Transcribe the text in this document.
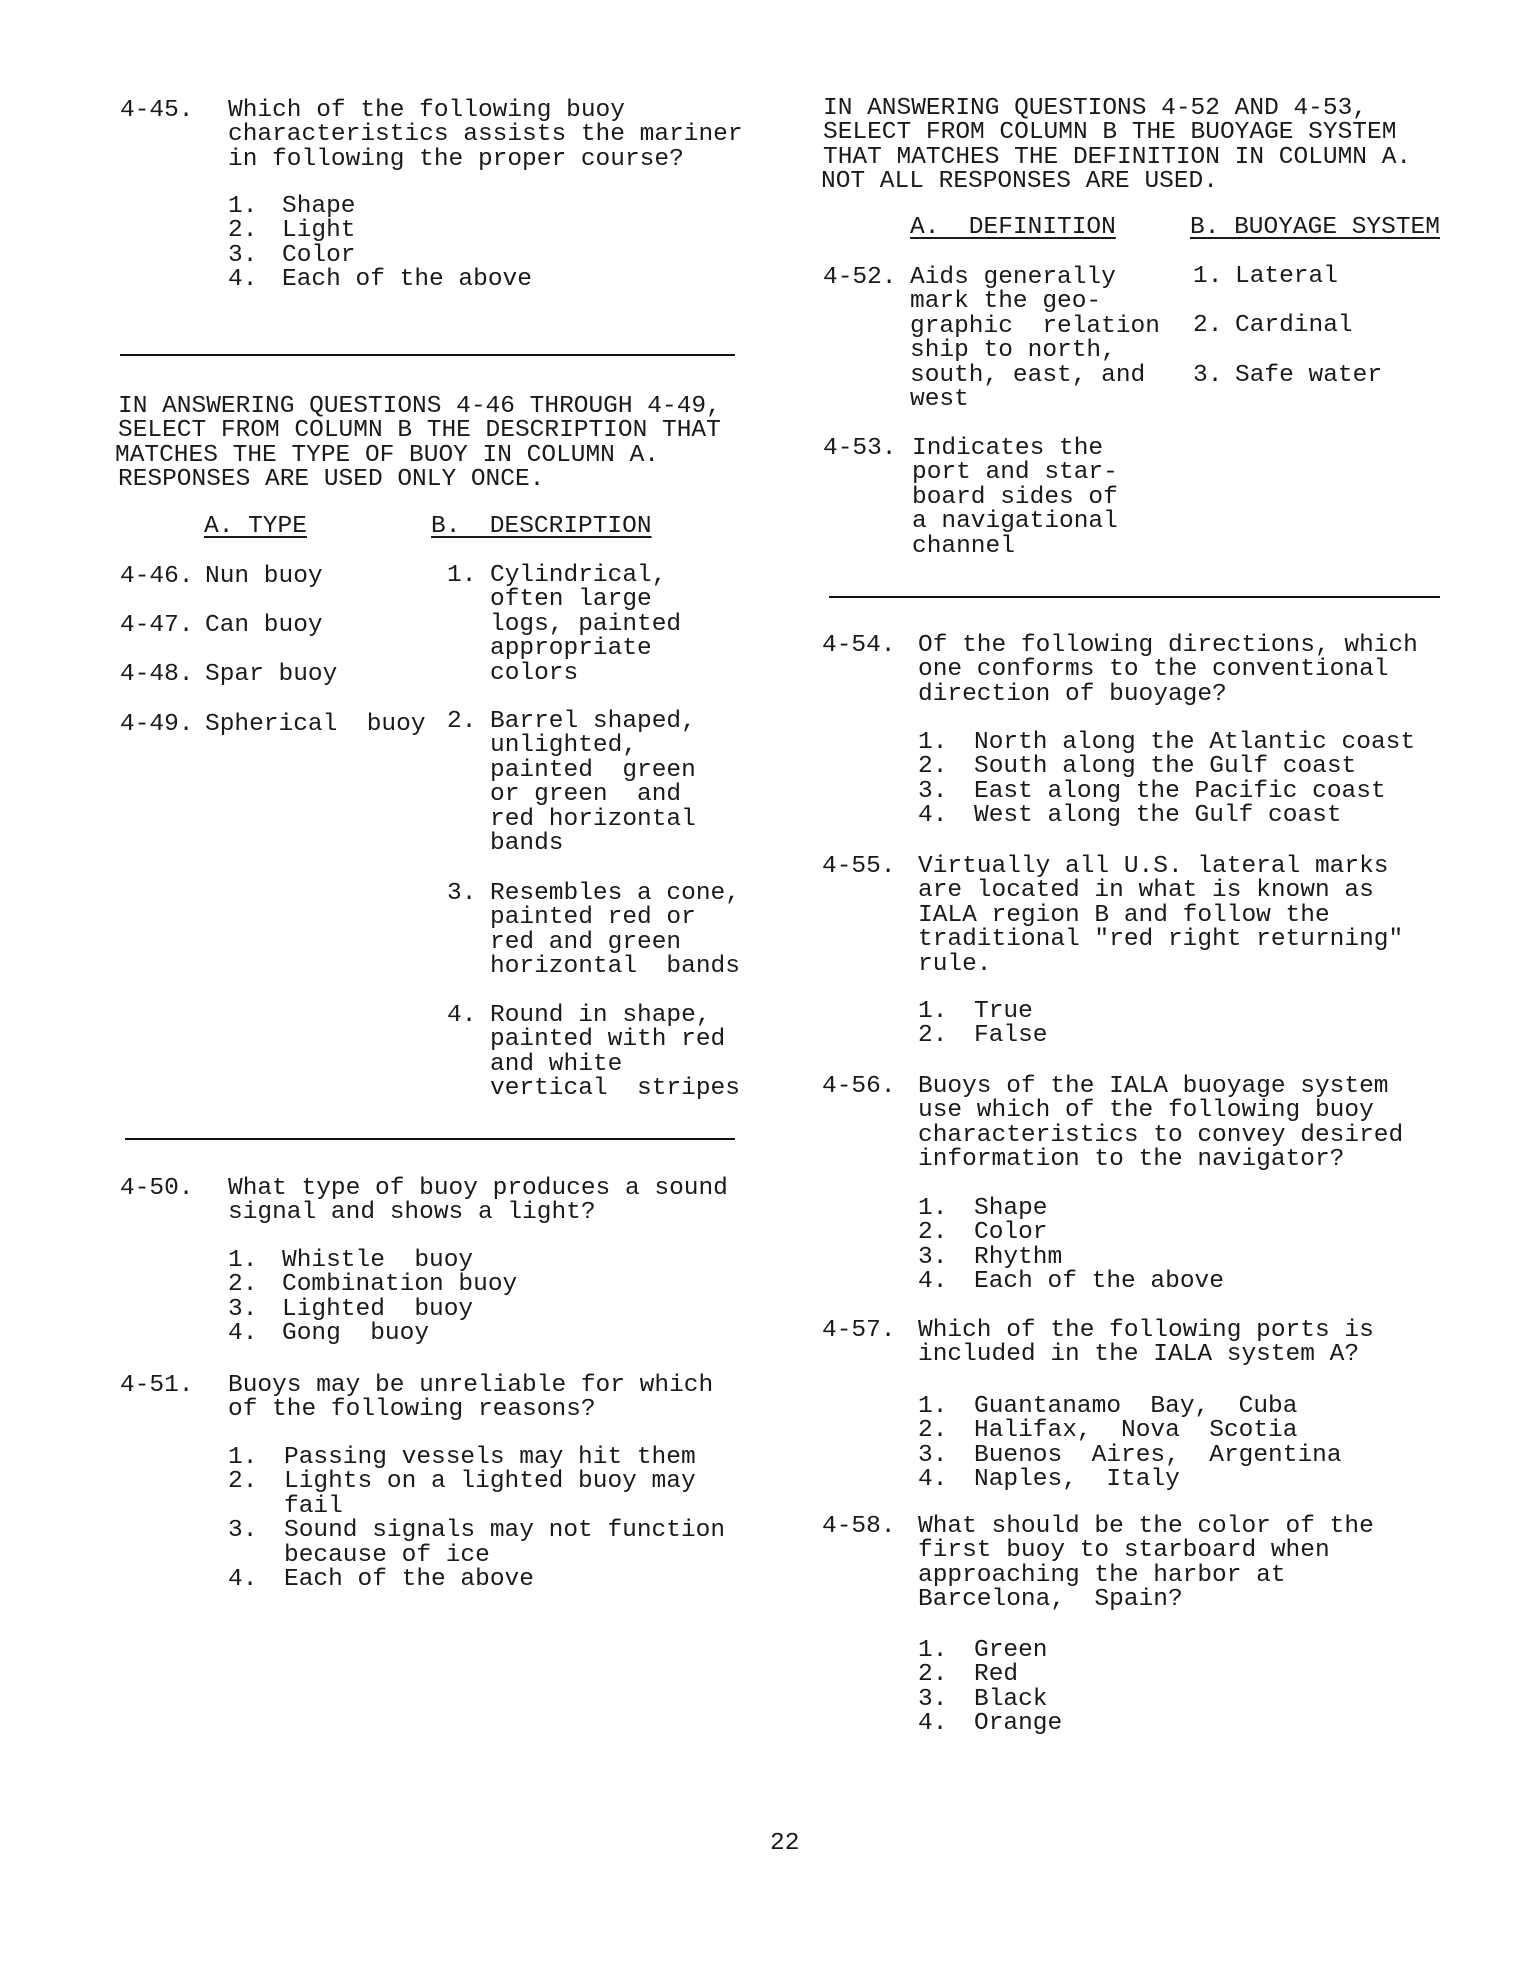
4-45. Which of the following buoy
characteristics assists the mariner
in following the proper course?
1. Shape
2. Light
3. Color
4. Each of the above
IN ANSWERING QUESTIONS 4-46 THROUGH 4-49,
SELECT FROM COLUMN B THE DESCRIPTION THAT
MATCHES THE TYPE OF BUOY IN COLUMN A.
RESPONSES ARE USED ONLY ONCE.
A. TYPE	B.  DESCRIPTION
4-46. Nun buoy
4-47. Can buoy
4-48. Spar buoy
4-49. Spherical  buoy
1. Cylindrical,
often large
logs, painted
appropriate
colors
2. Barrel shaped,
unlighted,
painted  green
or green  and
red horizontal
bands
3. Resembles a cone,
painted red or
red and green
horizontal  bands
4. Round in shape,
painted with red
and white
vertical  stripes
4-50. What type of buoy produces a sound
signal and shows a light?
1. Whistle  buoy
2. Combination buoy
3. Lighted  buoy
4. Gong  buoy
4-51. Buoys may be unreliable for which
of the following reasons?
1. Passing vessels may hit them
2. Lights on a lighted buoy may
fail
3. Sound signals may not function
because of ice
4. Each of the above
IN ANSWERING QUESTIONS 4-52 AND 4-53,
SELECT FROM COLUMN B THE BUOYAGE SYSTEM
THAT MATCHES THE DEFINITION IN COLUMN A.
NOT ALL RESPONSES ARE USED.
A.  DEFINITION	B. BUOYAGE SYSTEM
4-52. Aids generally
mark the geo-
graphic  relation
ship to north,
south, east, and
west
4-53. Indicates the
port and star-
board sides of
a navigational
channel
1. Lateral
2. Cardinal
3. Safe water
4-54. Of the following directions, which
one conforms to the conventional
direction of buoyage?
1. North along the Atlantic coast
2. South along the Gulf coast
3. East along the Pacific coast
4. West along the Gulf coast
4-55. Virtually all U.S. lateral marks
are located in what is known as
IALA region B and follow the
traditional "red right returning"
rule.
1. True
2. False
4-56. Buoys of the IALA buoyage system
use which of the following buoy
characteristics to convey desired
information to the navigator?
1. Shape
2. Color
3. Rhythm
4. Each of the above
4-57. Which of the following ports is
included in the IALA system A?
1. Guantanamo  Bay,  Cuba
2. Halifax,  Nova  Scotia
3. Buenos  Aires,  Argentina
4. Naples,  Italy
4-58. What should be the color of the
first buoy to starboard when
approaching the harbor at
Barcelona,  Spain?
1. Green
2. Red
3. Black
4. Orange
22
